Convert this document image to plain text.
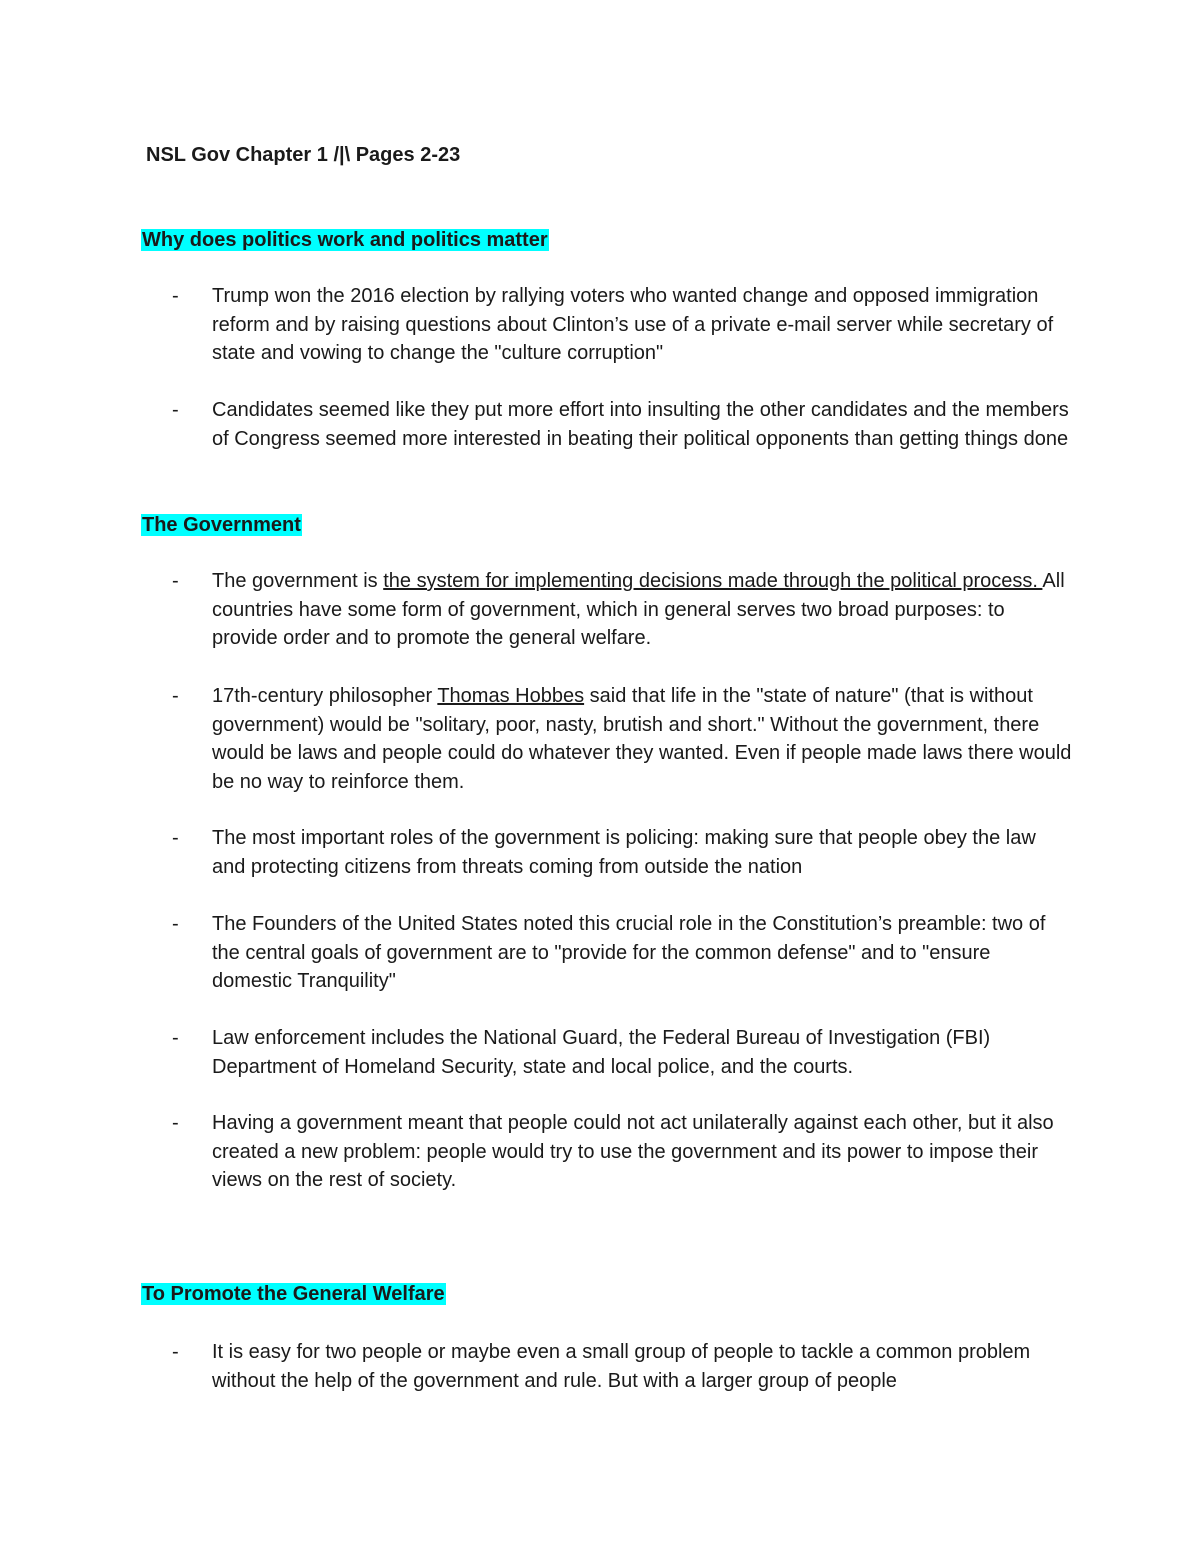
NSL Gov Chapter 1 /|\ Pages 2-23
Why does politics work and politics matter
-	Trump won the 2016 election by rallying voters who wanted change and opposed immigration reform and by raising questions about Clinton’s use of a private e-mail server while secretary of state and vowing to change the "culture corruption"
-	Candidates seemed like they put more effort into insulting the other candidates and the members of Congress seemed more interested in beating their political opponents than getting things done
The Government
-	The government is the system for implementing decisions made through the political process. All countries have some form of government, which in general serves two broad purposes: to provide order and to promote the general welfare.
-	17th-century philosopher Thomas Hobbes said that life in the "state of nature" (that is without government) would be "solitary, poor, nasty, brutish and short." Without the government, there would be laws and people could do whatever they wanted. Even if people made laws there would be no way to reinforce them.
-	The most important roles of the government is policing: making sure that people obey the law and protecting citizens from threats coming from outside the nation
-	The Founders of the United States noted this crucial role in the Constitution’s preamble: two of the central goals of government are to "provide for the common defense" and to "ensure domestic Tranquility"
-	Law enforcement includes the National Guard, the Federal Bureau of Investigation (FBI) Department of Homeland Security, state and local police, and the courts.
-	Having a government meant that people could not act unilaterally against each other, but it also created a new problem: people would try to use the government and its power to impose their views on the rest of society.
To Promote the General Welfare
-	It is easy for two people or maybe even a small group of people to tackle a common problem without the help of the government and rule. But with a larger group of people
